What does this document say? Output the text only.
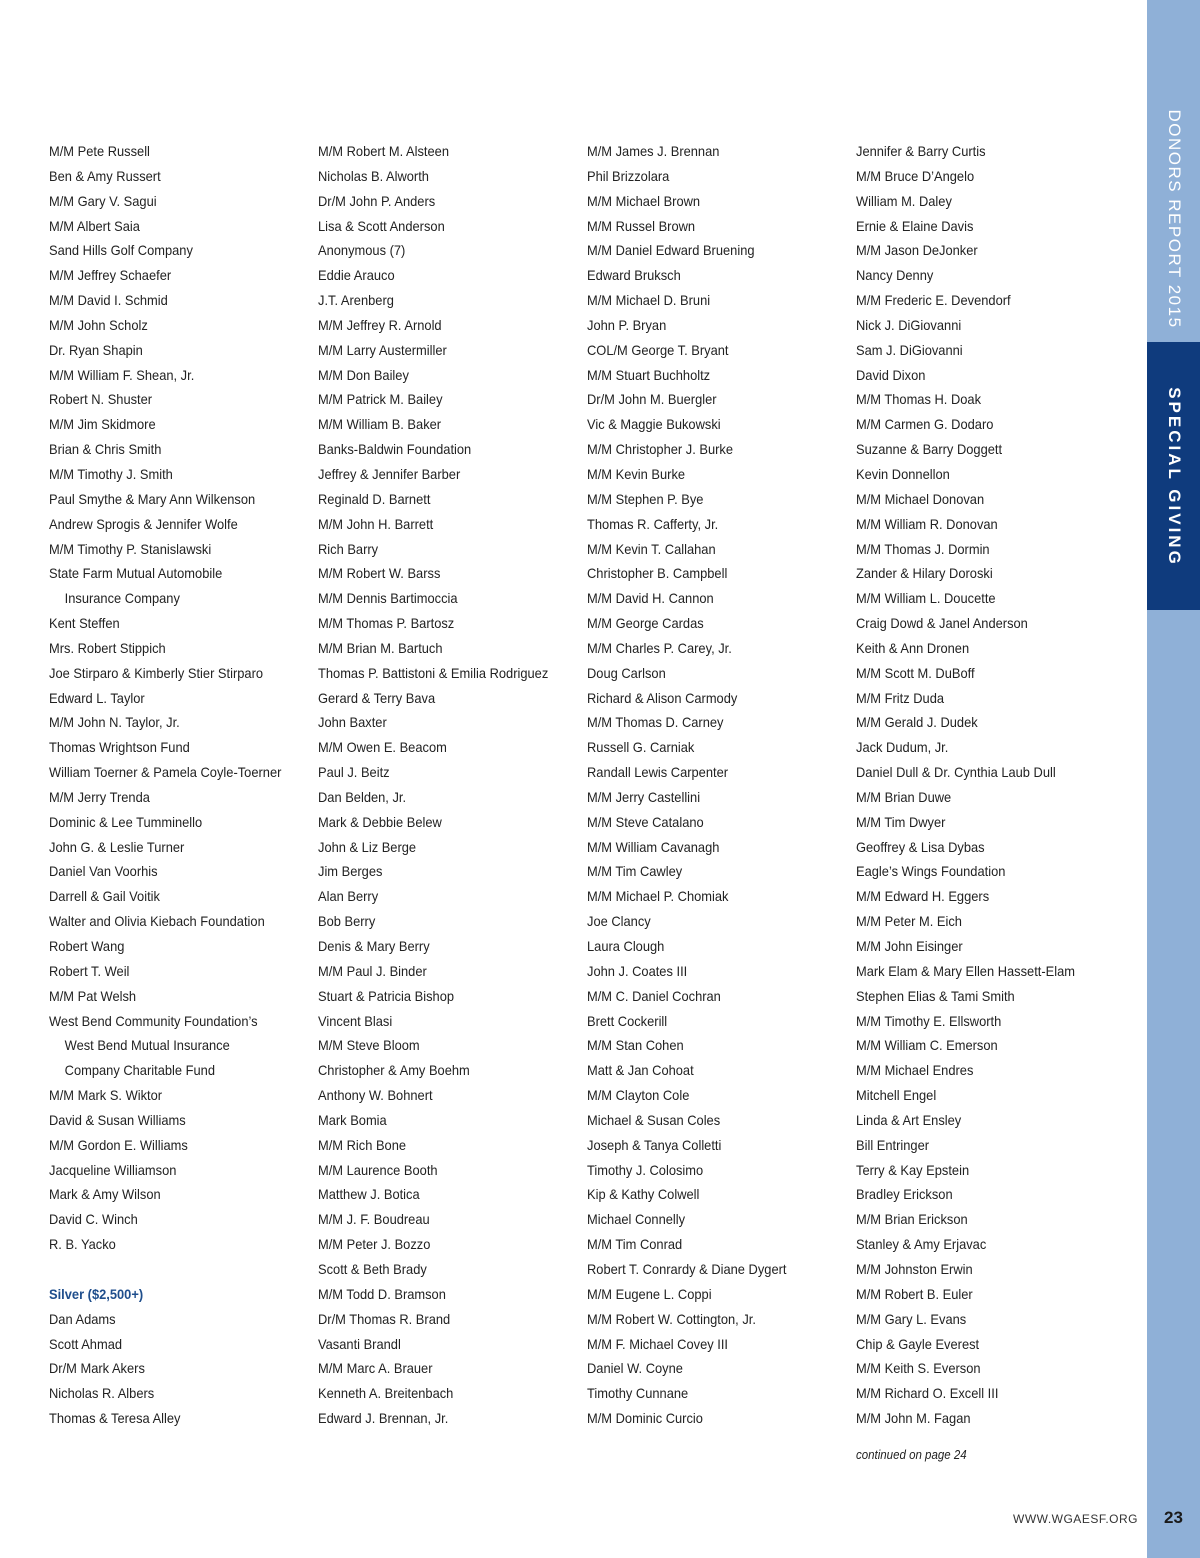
M/M Pete Russell
Ben & Amy Russert
M/M Gary V. Sagui
M/M Albert Saia
Sand Hills Golf Company
M/M Jeffrey Schaefer
M/M David I. Schmid
M/M John Scholz
Dr. Ryan Shapin
M/M William F. Shean, Jr.
Robert N. Shuster
M/M Jim Skidmore
Brian & Chris Smith
M/M Timothy J. Smith
Paul Smythe & Mary Ann Wilkenson
Andrew Sprogis & Jennifer Wolfe
M/M Timothy P. Stanislawski
State Farm Mutual Automobile
Insurance Company
Kent Steffen
Mrs. Robert Stippich
Joe Stirparo & Kimberly Stier Stirparo
Edward L. Taylor
M/M John N. Taylor, Jr.
Thomas Wrightson Fund
William Toerner & Pamela Coyle-Toerner
M/M Jerry Trenda
Dominic & Lee Tumminello
John G. & Leslie Turner
Daniel Van Voorhis
Darrell & Gail Voitik
Walter and Olivia Kiebach Foundation
Robert Wang
Robert T. Weil
M/M Pat Welsh
West Bend Community Foundation’s
West Bend Mutual Insurance
Company Charitable Fund
M/M Mark S. Wiktor
David & Susan Williams
M/M Gordon E. Williams
Jacqueline Williamson
Mark & Amy Wilson
David C. Winch
R. B. Yacko
Silver ($2,500+)
Dan Adams
Scott Ahmad
Dr/M Mark Akers
Nicholas R. Albers
Thomas & Teresa Alley
M/M Robert M. Alsteen
Nicholas B. Alworth
Dr/M John P. Anders
Lisa & Scott Anderson
Anonymous (7)
Eddie Arauco
J.T. Arenberg
M/M Jeffrey R. Arnold
M/M Larry Austermiller
M/M Don Bailey
M/M Patrick M. Bailey
M/M William B. Baker
Banks-Baldwin Foundation
Jeffrey & Jennifer Barber
Reginald D. Barnett
M/M John H. Barrett
Rich Barry
M/M Robert W. Barss
M/M Dennis Bartimoccia
M/M Thomas P. Bartosz
M/M Brian M. Bartuch
Thomas P. Battistoni & Emilia Rodriguez
Gerard & Terry Bava
John Baxter
M/M Owen E. Beacom
Paul J. Beitz
Dan Belden, Jr.
Mark & Debbie Belew
John & Liz Berge
Jim Berges
Alan Berry
Bob Berry
Denis & Mary Berry
M/M Paul J. Binder
Stuart & Patricia Bishop
Vincent Blasi
M/M Steve Bloom
Christopher & Amy Boehm
Anthony W. Bohnert
Mark Bomia
M/M Rich Bone
M/M Laurence Booth
Matthew J. Botica
M/M J. F. Boudreau
M/M Peter J. Bozzo
Scott & Beth Brady
M/M Todd D. Bramson
Dr/M Thomas R. Brand
Vasanti Brandl
M/M Marc A. Brauer
Kenneth A. Breitenbach
Edward J. Brennan, Jr.
M/M James J. Brennan
Phil Brizzolara
M/M Michael Brown
M/M Russel Brown
M/M Daniel Edward Bruening
Edward Bruksch
M/M Michael D. Bruni
John P. Bryan
COL/M George T. Bryant
M/M Stuart Buchholtz
Dr/M John M. Buergler
Vic & Maggie Bukowski
M/M Christopher J. Burke
M/M Kevin Burke
M/M Stephen P. Bye
Thomas R. Cafferty, Jr.
M/M Kevin T. Callahan
Christopher B. Campbell
M/M David H. Cannon
M/M George Cardas
M/M Charles P. Carey, Jr.
Doug Carlson
Richard & Alison Carmody
M/M Thomas D. Carney
Russell G. Carniak
Randall Lewis Carpenter
M/M Jerry Castellini
M/M Steve Catalano
M/M William Cavanagh
M/M Tim Cawley
M/M Michael P. Chomiak
Joe Clancy
Laura Clough
John J. Coates III
M/M C. Daniel Cochran
Brett Cockerill
M/M Stan Cohen
Matt & Jan Cohoat
M/M Clayton Cole
Michael & Susan Coles
Joseph & Tanya Colletti
Timothy J. Colosimo
Kip & Kathy Colwell
Michael Connelly
M/M Tim Conrad
Robert T. Conrardy & Diane Dygert
M/M Eugene L. Coppi
M/M Robert W. Cottington, Jr.
M/M F. Michael Covey III
Daniel W. Coyne
Timothy Cunnane
M/M Dominic Curcio
Jennifer & Barry Curtis
M/M Bruce D’Angelo
William M. Daley
Ernie & Elaine Davis
M/M Jason DeJonker
Nancy Denny
M/M Frederic E. Devendorf
Nick J. DiGiovanni
Sam J. DiGiovanni
David Dixon
M/M Thomas H. Doak
M/M Carmen G. Dodaro
Suzanne & Barry Doggett
Kevin Donnellon
M/M Michael Donovan
M/M William R. Donovan
M/M Thomas J. Dormin
Zander & Hilary Doroski
M/M William L. Doucette
Craig Dowd & Janel Anderson
Keith & Ann Dronen
M/M Scott M. DuBoff
M/M Fritz Duda
M/M Gerald J. Dudek
Jack Dudum, Jr.
Daniel Dull & Dr. Cynthia Laub Dull
M/M Brian Duwe
M/M Tim Dwyer
Geoffrey & Lisa Dybas
Eagle’s Wings Foundation
M/M Edward H. Eggers
M/M Peter M. Eich
M/M John Eisinger
Mark Elam & Mary Ellen Hassett-Elam
Stephen Elias & Tami Smith
M/M Timothy E. Ellsworth
M/M William C. Emerson
M/M Michael Endres
Mitchell Engel
Linda & Art Ensley
Bill Entringer
Terry & Kay Epstein
Bradley Erickson
M/M Brian Erickson
Stanley & Amy Erjavac
M/M Johnston Erwin
M/M Robert B. Euler
M/M Gary L. Evans
Chip & Gayle Everest
M/M Keith S. Everson
M/M Richard O. Excell III
M/M John M. Fagan
continued on page 24
DONORS REPORT 2015
SPECIAL GIVING
WWW.WGAESF.ORG	23
